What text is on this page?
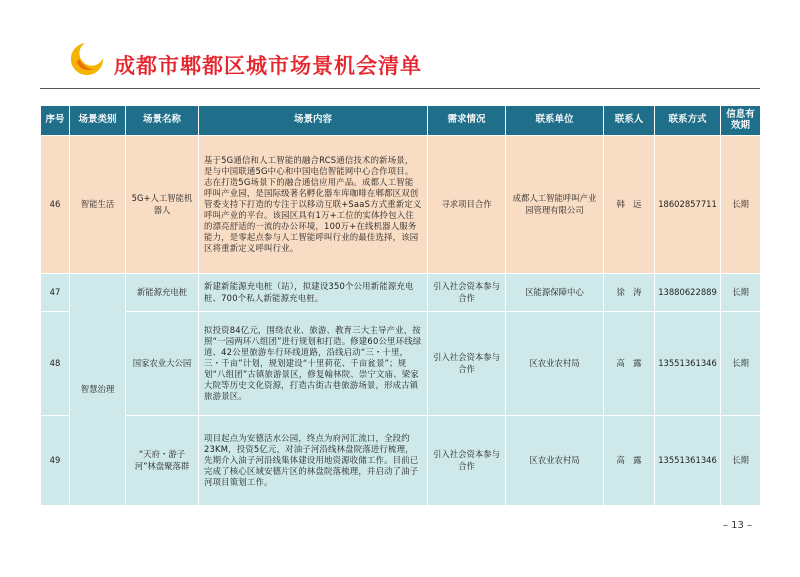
成都市郫都区城市场景机会清单
序号	场景类别	场景名称	场景内容	需求情况	联系单位	联系人	联系方式	信息有效期
46	智能生活	5G+人工智能机器人	基于5G通信和人工智能的融合RCS通信技术的新场景，是与中国联通5G中心和中国电信智能网中心合作项目。志在打造5G场景下的融合通信应用产品。成都人工智能呼叫产业园，是国际级著名孵化器车库咖啡在郫都区双创管委支持下打造的专注于以移动互联+SaaS方式重新定义呼叫产业的平台。该园区具有1万+工位的实体拎包入住的漂亮舒适的一流的办公环境，100万+在线机器人服务能力，是零起点参与人工智能呼叫行业的最佳选择，该园区将重新定义呼叫行业。	寻求项目合作	成都人工智能呼叫产业园管理有限公司	韩　远	18602857711	长期
47	智慧治理	新能源充电桩	新建新能源充电桩（站），拟建设350个公用新能源充电桩、700个私人新能源充电桩。	引入社会资本参与合作	区能源保障中心	徐　涛	13880622889	长期
48		国家农业大公园	拟投资84亿元，围绕农业、旅游、教育三大主导产业，按照“一园两环八组团”进行规划和打造。修建60公里环线绿道、42公里旅游车行环线道路，沿线启动“三・十里，三・千亩”计划，规划建设“十里荷花、千亩盆景”；规划“八组团”古镇旅游景区，修复翰林院、崇宁文庙、梁家大院等历史文化资源，打造古街古巷旅游场景，形成古镇旅游景区。	引入社会资本参与合作	区农业农村局	高　露	13551361346	长期
49		“天府・游子河”林盘聚落群	项目起点为安德活水公园，终点为府河汇流口，全段约23KM，投资5亿元，对油子河沿线林盘院落进行梳理，先期介入油子河沿线集体建设用地资源收储工作。目前已完成了核心区域安德片区的林盘院落梳理，并启动了油子河项目策划工作。	引入社会资本参与合作	区农业农村局	高　露	13551361346	长期
– 13 –
